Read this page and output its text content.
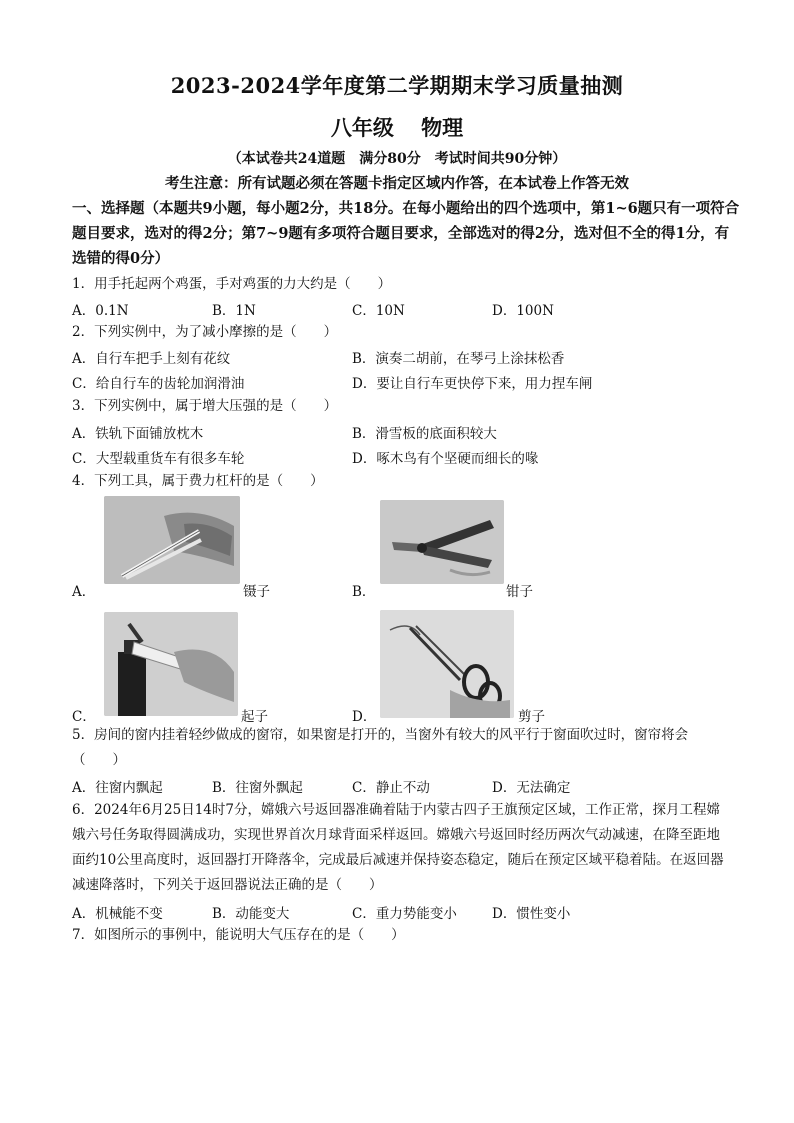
2023-2024学年度第二学期期末学习质量抽测
八年级 物理
（本试卷共24道题　满分80分　考试时间共90分钟）
考生注意：所有试题必须在答题卡指定区域内作答，在本试卷上作答无效
一、选择题（本题共9小题，每小题2分，共18分。在每小题给出的四个选项中，第1~6题只有一项符合题目要求，选对的得2分；第7~9题有多项符合题目要求，全部选对的得2分，选对但不全的得1分，有选错的得0分）
1．用手托起两个鸡蛋，手对鸡蛋的力大约是（　　）
A．0.1N	B．1N	C．10N	D．100N
2．下列实例中，为了减小摩擦的是（　　）
A．自行车把手上刻有花纹	B．演奏二胡前，在琴弓上涂抹松香
C．给自行车的齿轮加润滑油	D．要让自行车更快停下来，用力捏车闸
3．下列实例中，属于增大压强的是（　　）
A．铁轨下面铺放枕木	B．滑雪板的底面积较大
C．大型载重货车有很多车轮	D．啄木鸟有个坚硬而细长的喙
4．下列工具，属于费力杠杆的是（　　）
A．	B．
镊子	钳子
C．	D．
起子	剪子
5．房间的窗内挂着轻纱做成的窗帘，如果窗是打开的，当窗外有较大的风平行于窗面吹过时，窗帘将会（　　）
A．往窗内飘起	B．往窗外飘起	C．静止不动	D．无法确定
6．2024年6月25日14时7分，嫦娥六号返回器准确着陆于内蒙古四子王旗预定区域，工作正常，探月工程嫦娥六号任务取得圆满成功，实现世界首次月球背面采样返回。嫦娥六号返回时经历两次气动减速，在降至距地面约10公里高度时，返回器打开降落伞，完成最后减速并保持姿态稳定，随后在预定区域平稳着陆。在返回器减速降落时，下列关于返回器说法正确的是（　　）
A．机械能不变	B．动能变大	C．重力势能变小	D．惯性变小
7．如图所示的事例中，能说明大气压存在的是（　　）
